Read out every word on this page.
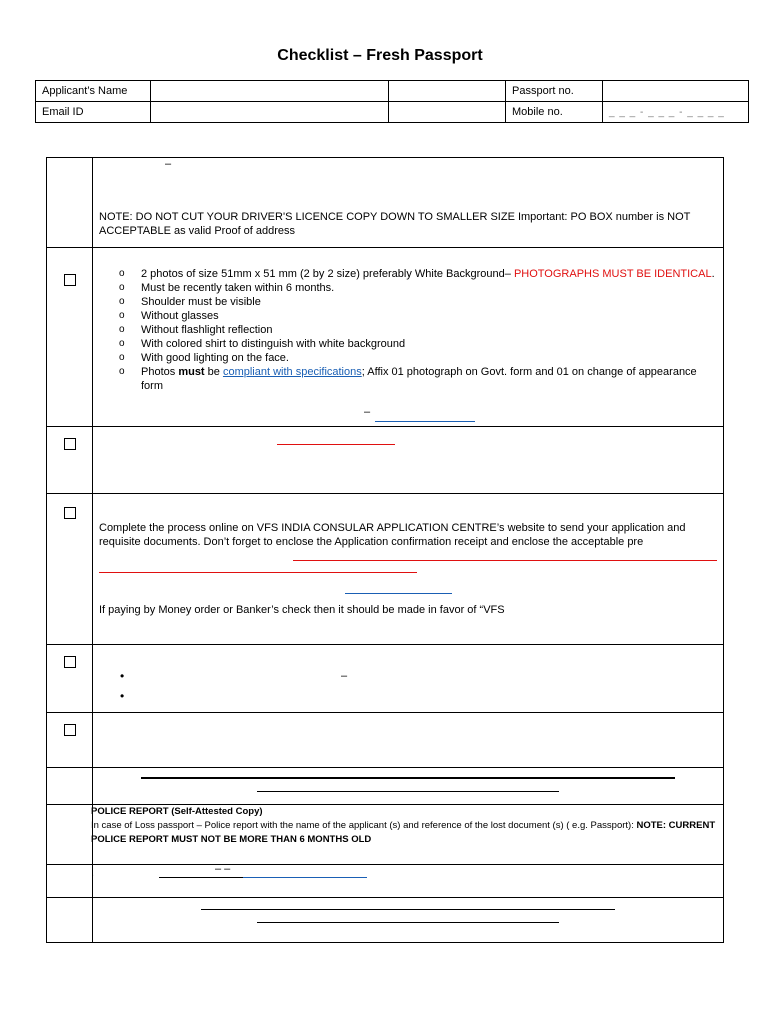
Checklist – Fresh Passport
Applicant’s Name			Passport no.	
Email ID			Mobile no.	_ _ _ - _ _ _ - _ _ _ _
–
NOTE: DO NOT CUT YOUR DRIVER'S LICENCE COPY DOWN TO SMALLER SIZE Important: PO BOX number is NOT ACCEPTABLE as valid Proof of address
o 2 photos of size 51mm x 51 mm (2 by 2 size) preferably White Background– PHOTOGRAPHS MUST BE IDENTICAL.
o Must be recently taken within 6 months.
o Shoulder must be visible
o Without glasses
o Without flashlight reflection
o With colored shirt to distinguish with white background
o With good lighting on the face.
o Photos must be compliant with specifications; Affix 01 photograph on Govt. form and 01 on change of appearance form
–
Complete the process online on VFS INDIA CONSULAR APPLICATION CENTRE’s website to send your application and requisite documents. Don’t forget to enclose the Application confirmation receipt and enclose the acceptable pre
If paying by Money order or Banker’s check then it should be made in favor of “VFS
•	–
•
POLICE REPORT (Self-Attested Copy)
In case of Loss passport – Police report with the name of the applicant (s) and reference of the lost document (s) ( e.g. Passport): NOTE: CURRENT POLICE REPORT MUST NOT BE MORE THAN 6 MONTHS OLD
.	– –
